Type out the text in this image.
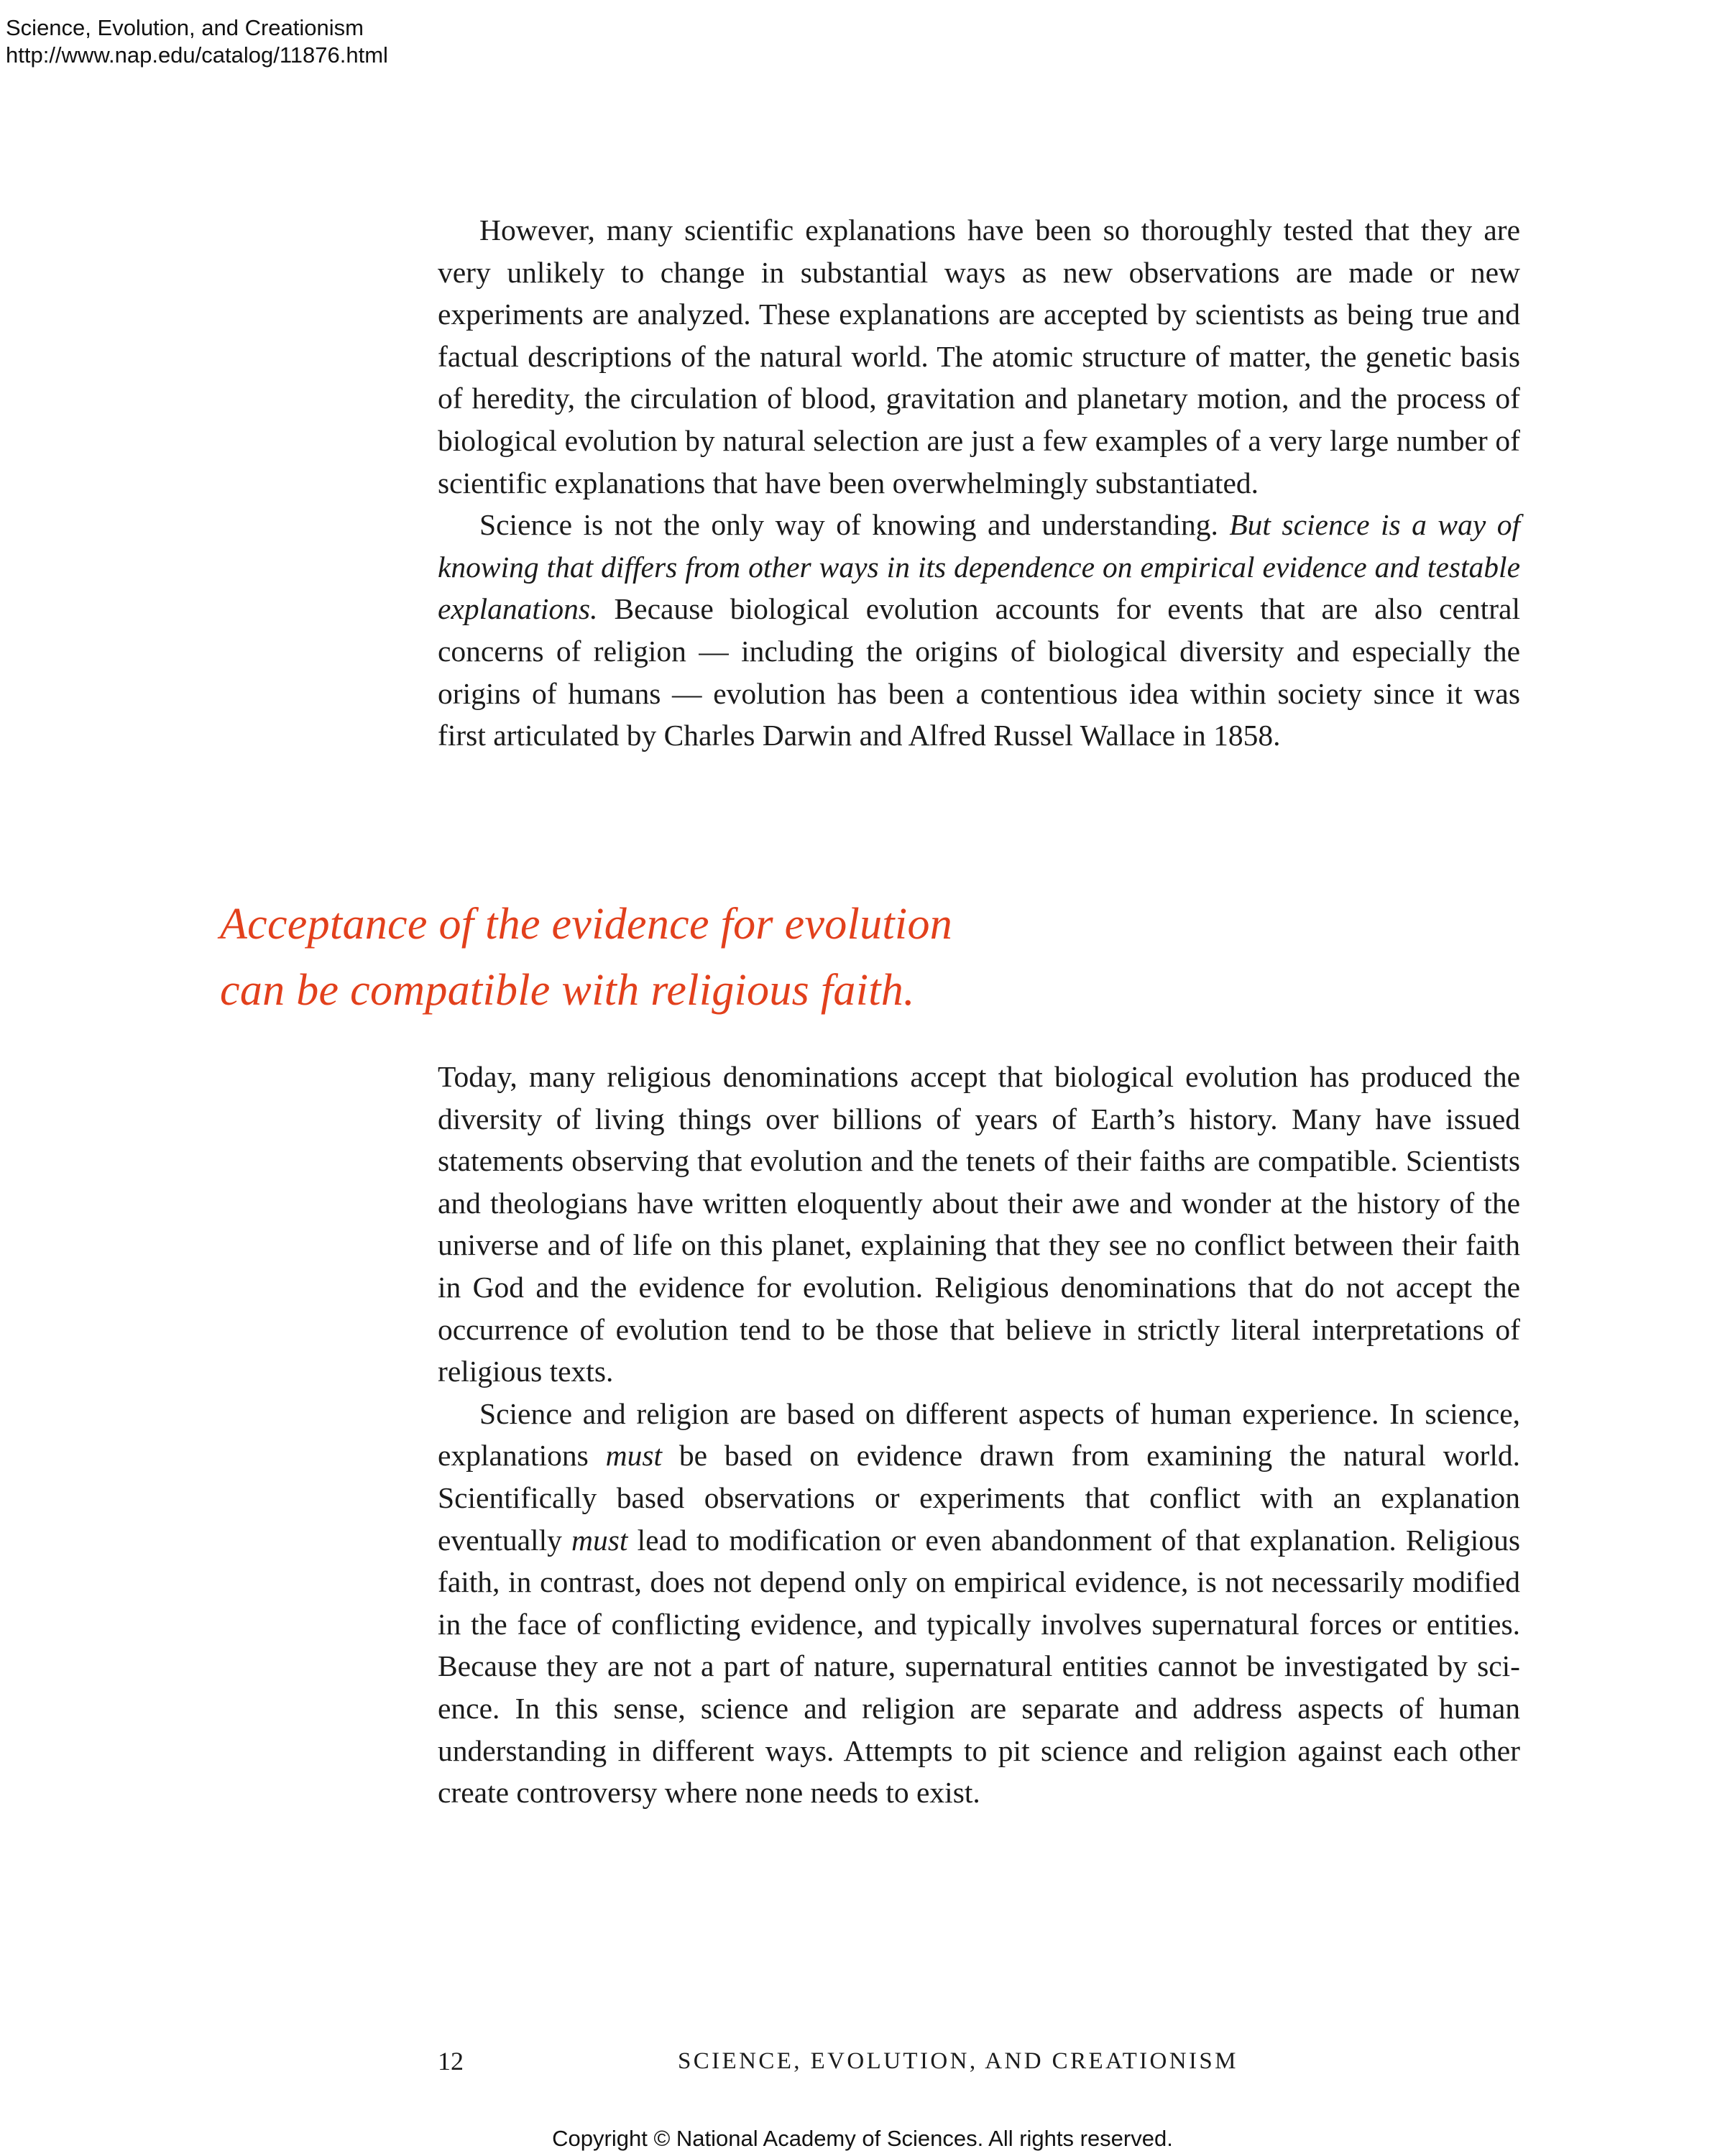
Science, Evolution, and Creationism
http://www.nap.edu/catalog/11876.html

However, many scientific explanations have been so thoroughly tested that they are very unlikely to change in substantial ways as new observations are made or new experiments are analyzed. These explanations are accepted by scientists as being true and factual descriptions of the natural world. The atomic structure of matter, the genetic basis of heredity, the circulation of blood, gravitation and planetary motion, and the process of biological evolution by natural selection are just a few examples of a very large number of scientific explanations that have been overwhelmingly substantiated.

Science is not the only way of knowing and understanding. But science is a way of knowing that differs from other ways in its dependence on empirical evidence and testable explanations. Because biological evolution accounts for events that are also central concerns of religion — including the origins of biological diversity and especially the origins of humans — evolution has been a contentious idea within society since it was first articulated by Charles Darwin and Alfred Russel Wallace in 1858.

Acceptance of the evidence for evolution
can be compatible with religious faith.

Today, many religious denominations accept that biological evolution has produced the diversity of living things over billions of years of Earth’s history. Many have issued statements observing that evolution and the tenets of their faiths are compatible. Scientists and theologians have written eloquently about their awe and wonder at the history of the universe and of life on this planet, explaining that they see no conflict between their faith in God and the evidence for evolution. Religious denominations that do not accept the occurrence of evolution tend to be those that believe in strictly literal interpretations of religious texts.

Science and religion are based on different aspects of human experience. In science, explanations must be based on evidence drawn from examining the natural world. Scientifically based observations or experiments that conflict with an explanation eventually must lead to modification or even abandonment of that explanation. Religious faith, in contrast, does not depend only on empirical evidence, is not necessarily modified in the face of conflicting evidence, and typically involves supernatural forces or entities. Because they are not a part of nature, supernatural entities cannot be investigated by science. In this sense, science and religion are separate and address aspects of human understanding in different ways. Attempts to pit science and religion against each other create controversy where none needs to exist.

12	SCIENCE, EVOLUTION, AND CREATIONISM
Copyright © National Academy of Sciences. All rights reserved.
